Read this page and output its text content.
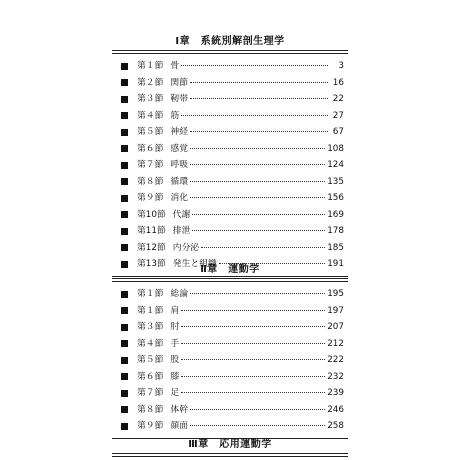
Ⅰ章　系統別解剖生理学
第１節 骨	3
第２節 関節	16
第３節 靭帯	22
第４節 筋	27
第５節 神経	67
第６節 感覚	108
第７節 呼吸	124
第８節 循環	135
第９節 消化	156
第10節 代謝	169
第11節 排泄	178
第12節 内分泌	185
第13節 発生と組織	191
Ⅱ章　運動学
第１節 総論	195
第１節 肩	197
第３節 肘	207
第４節 手	212
第５節 股	222
第６節 膝	232
第７節 足	239
第８節 体幹	246
第９節 顔面	258
Ⅲ章　応用運動学
